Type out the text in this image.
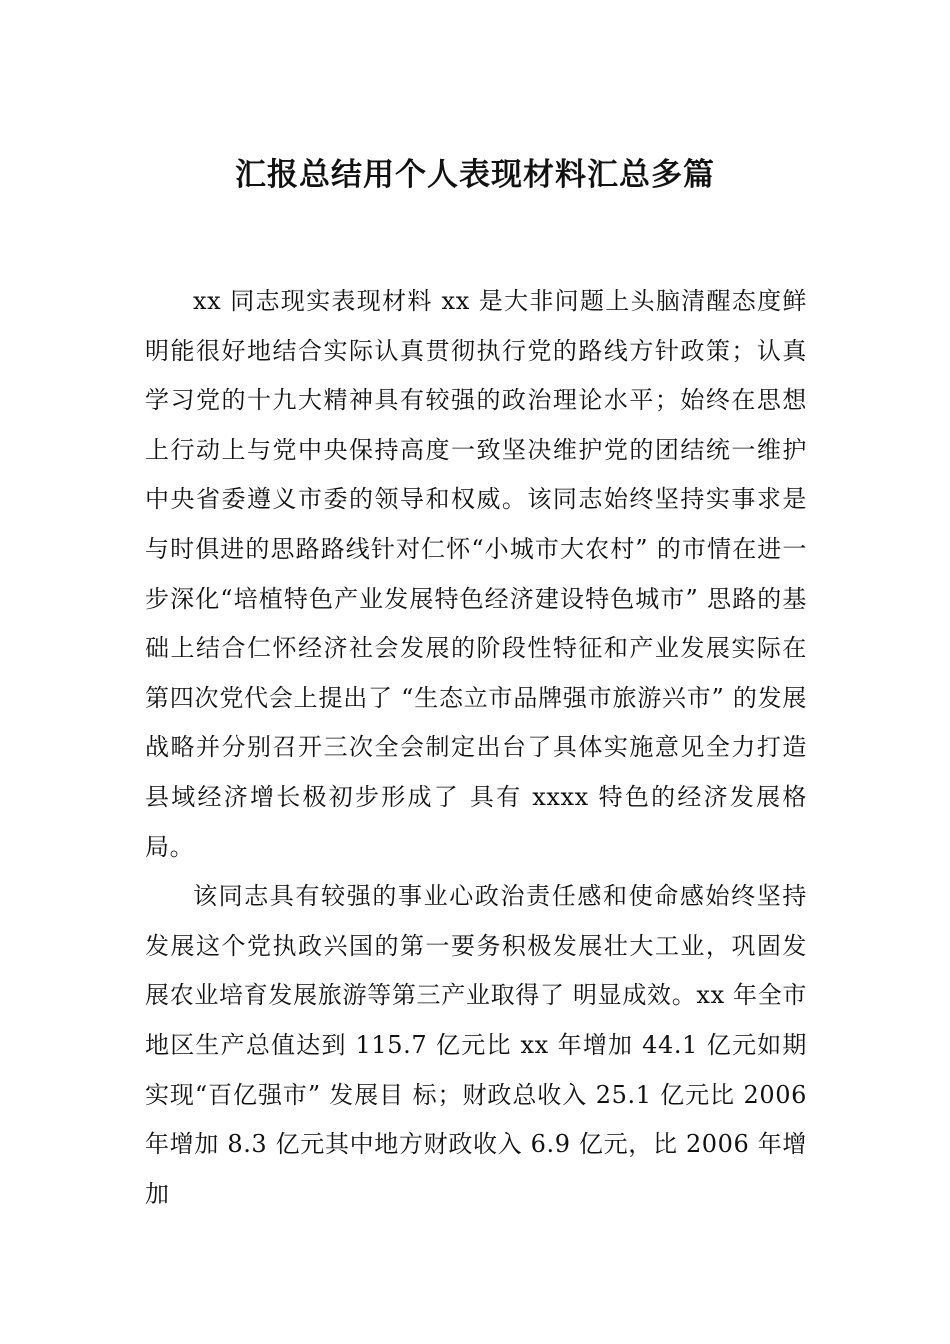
汇报总结用个人表现材料汇总多篇

xx 同志现实表现材料 xx 是大非问题上头脑清醒态度鲜明能很好地结合实际认真贯彻执行党的路线方针政策；认真学习党的十九大精神具有较强的政治理论水平；始终在思想上行动上与党中央保持高度一致坚决维护党的团结统一维护中央省委遵义市委的领导和权威。该同志始终坚持实事求是与时俱进的思路路线针对仁怀“小城市大农村” 的市情在进一步深化“培植特色产业发展特色经济建设特色城市” 思路的基础上结合仁怀经济社会发展的阶段性特征和产业发展实际在第四次党代会上提出了 “生态立市品牌强市旅游兴市” 的发展战略并分别召开三次全会制定出台了具体实施意见全力打造县域经济增长极初步形成了 具有 xxxx 特色的经济发展格局。

该同志具有较强的事业心政治责任感和使命感始终坚持发展这个党执政兴国的第一要务积极发展壮大工业，巩固发展农业培育发展旅游等第三产业取得了 明显成效。xx 年全市地区生产总值达到 115.7 亿元比 xx 年增加 44.1 亿元如期实现“百亿强市” 发展目 标；财政总收入 25.1 亿元比 2006 年增加 8.3 亿元其中地方财政收入 6.9 亿元，比 2006 年增加
